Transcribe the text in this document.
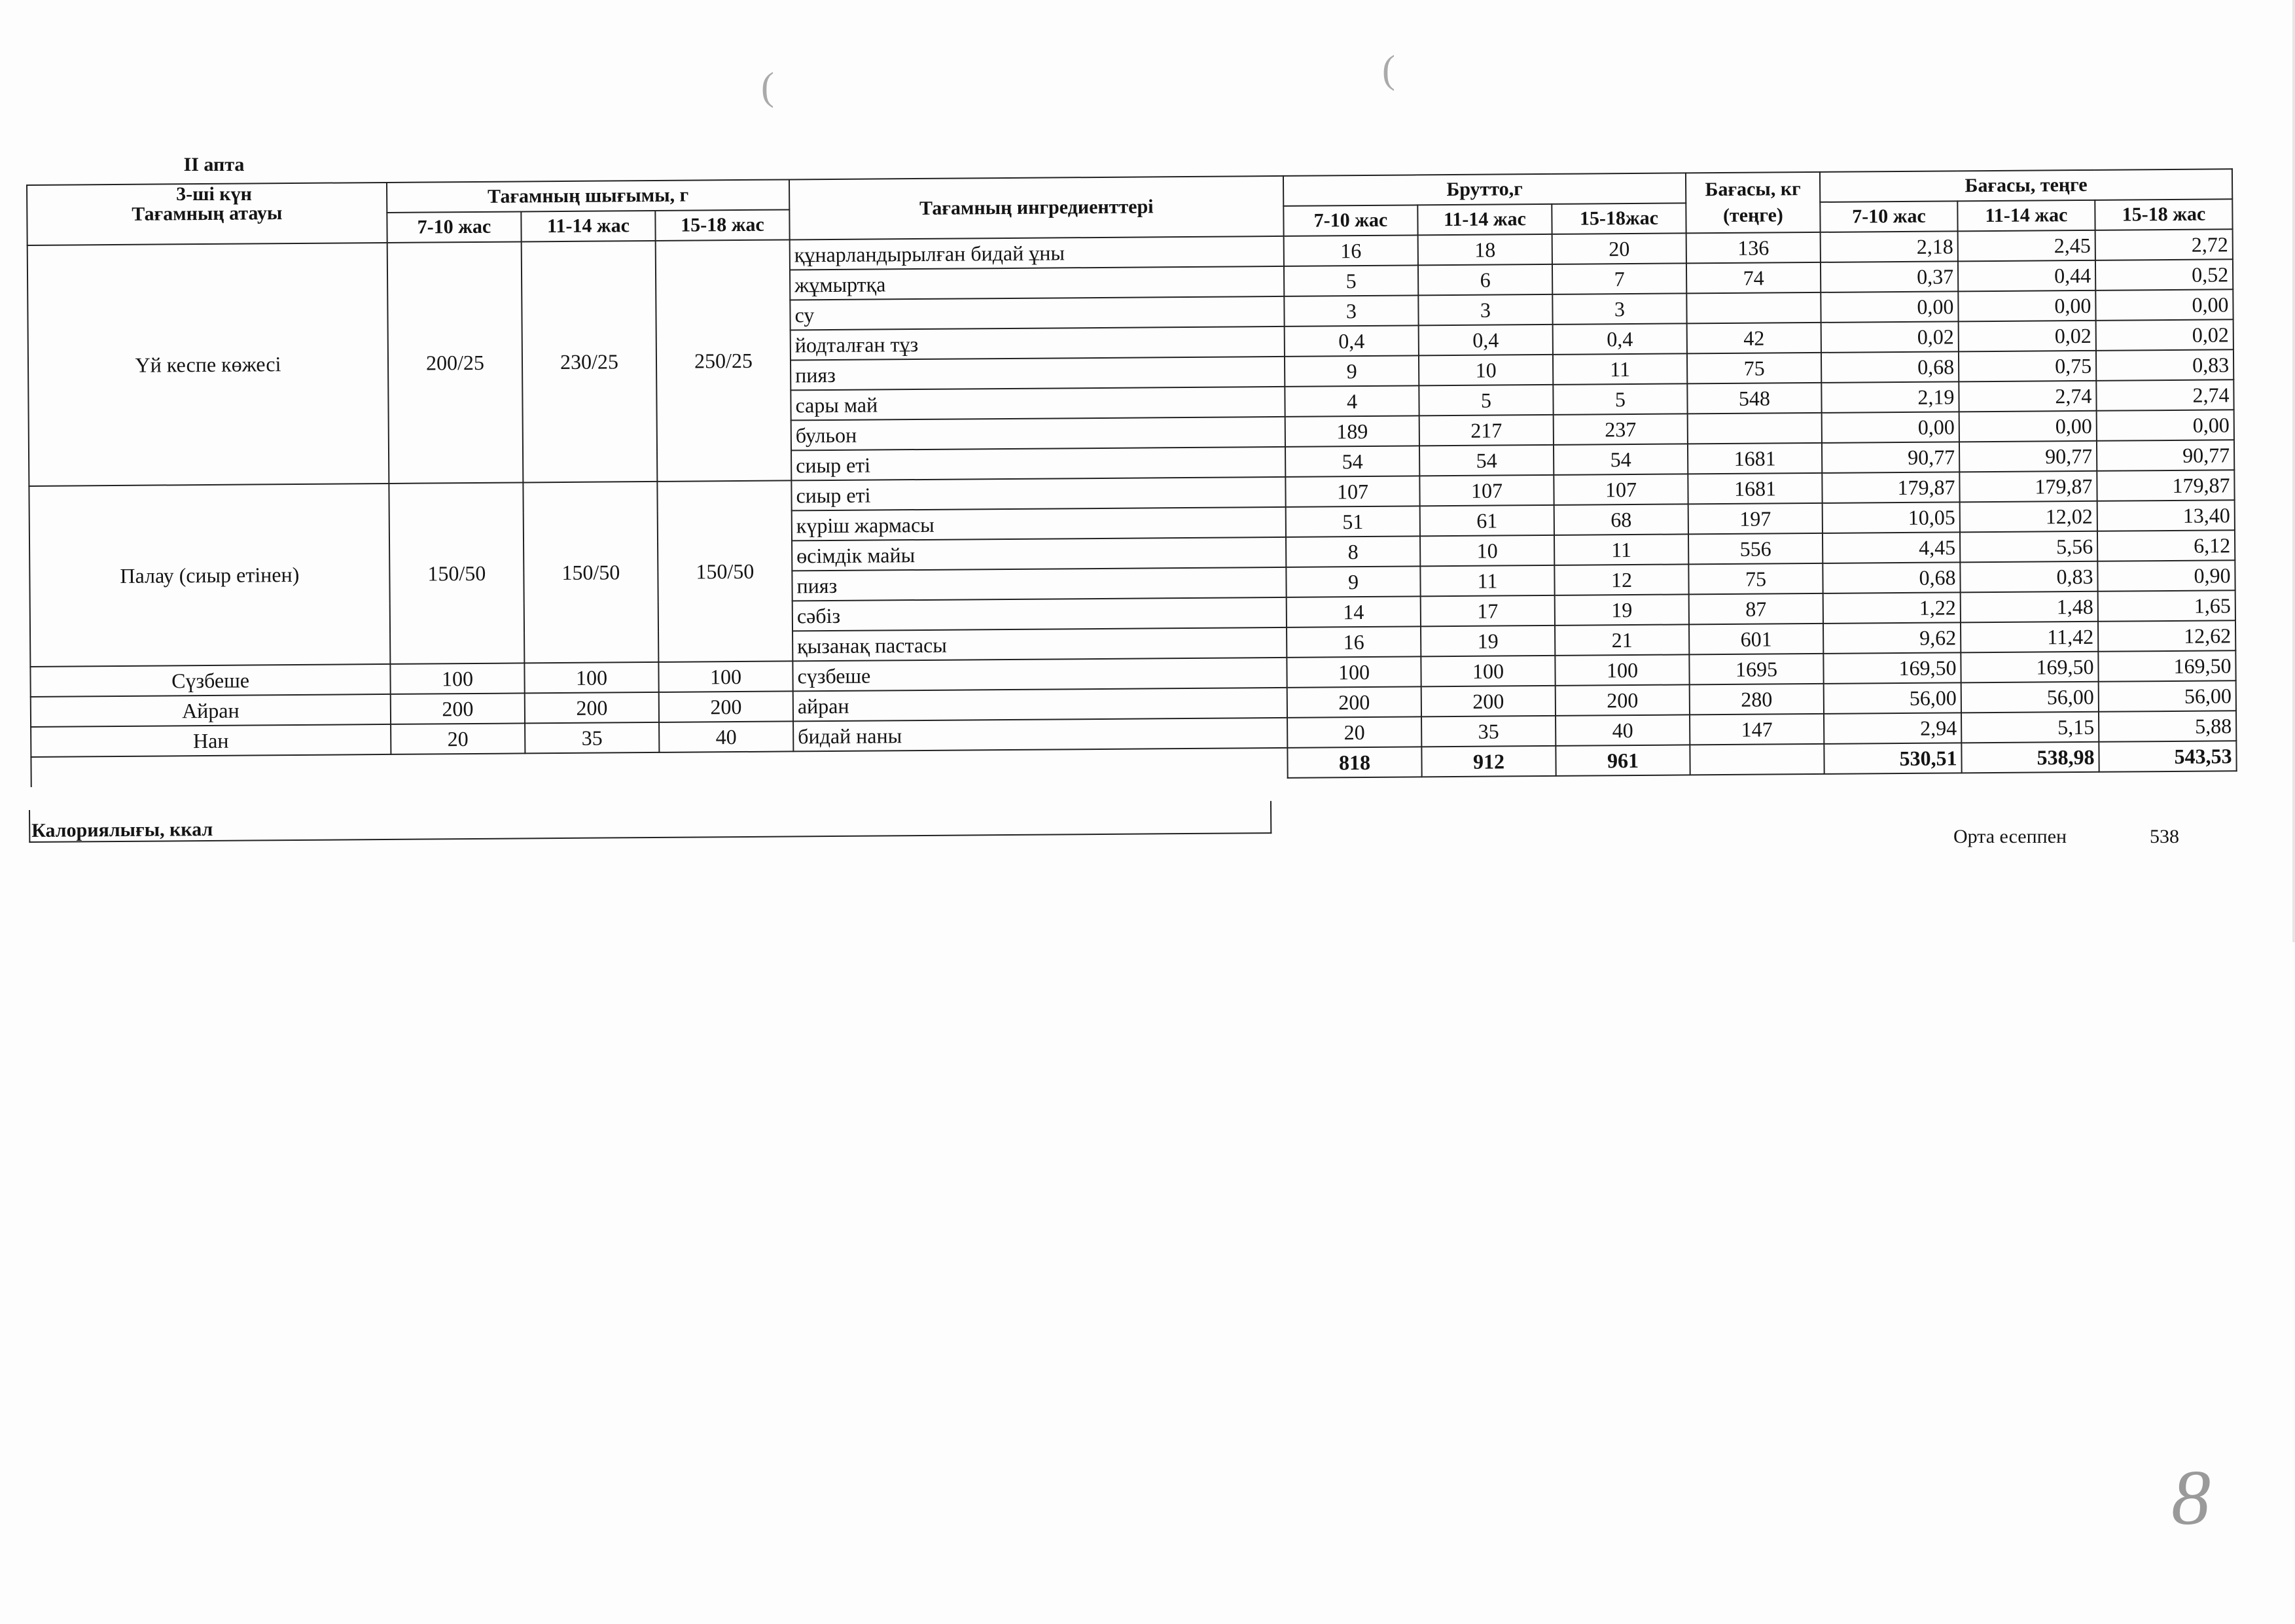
II апта
3-ші күн
(	(
Тағамның атауы	Тағамның шығымы, г			Тағамның ингредиенттері	Брутто,г			Бағасы, кг (теңге)	Бағасы, теңге		
	7-10 жас	11-14 жас	15-18 жас		7-10 жас	11-14 жас	15-18жас		7-10 жас	11-14 жас	15-18 жас
Үй кеспе көжесі	200/25	230/25	250/25	құнарландырылған бидай ұны	16	18	20	136	2,18	2,45	2,72
				жұмыртқа	5	6	7	74	0,37	0,44	0,52
				су	3	3	3		0,00	0,00	0,00
				йодталған тұз	0,4	0,4	0,4	42	0,02	0,02	0,02
				пияз	9	10	11	75	0,68	0,75	0,83
				сары май	4	5	5	548	2,19	2,74	2,74
				бульон	189	217	237		0,00	0,00	0,00
				сиыр еті	54	54	54	1681	90,77	90,77	90,77
Палау (сиыр етінен)	150/50	150/50	150/50	сиыр еті	107	107	107	1681	179,87	179,87	179,87
				күріш жармасы	51	61	68	197	10,05	12,02	13,40
				өсімдік майы	8	10	11	556	4,45	5,56	6,12
				пияз	9	11	12	75	0,68	0,83	0,90
				сәбіз	14	17	19	87	1,22	1,48	1,65
				қызанақ пастасы	16	19	21	601	9,62	11,42	12,62
Сүзбеше	100	100	100	сүзбеше	100	100	100	1695	169,50	169,50	169,50
Айран	200	200	200	айран	200	200	200	280	56,00	56,00	56,00
Нан	20	35	40	бидай наны	20	35	40	147	2,94	5,15	5,88
					818	912	961		530,51	538,98	543,53
Калориялығы, ккал	Орта есеппен	538
8
